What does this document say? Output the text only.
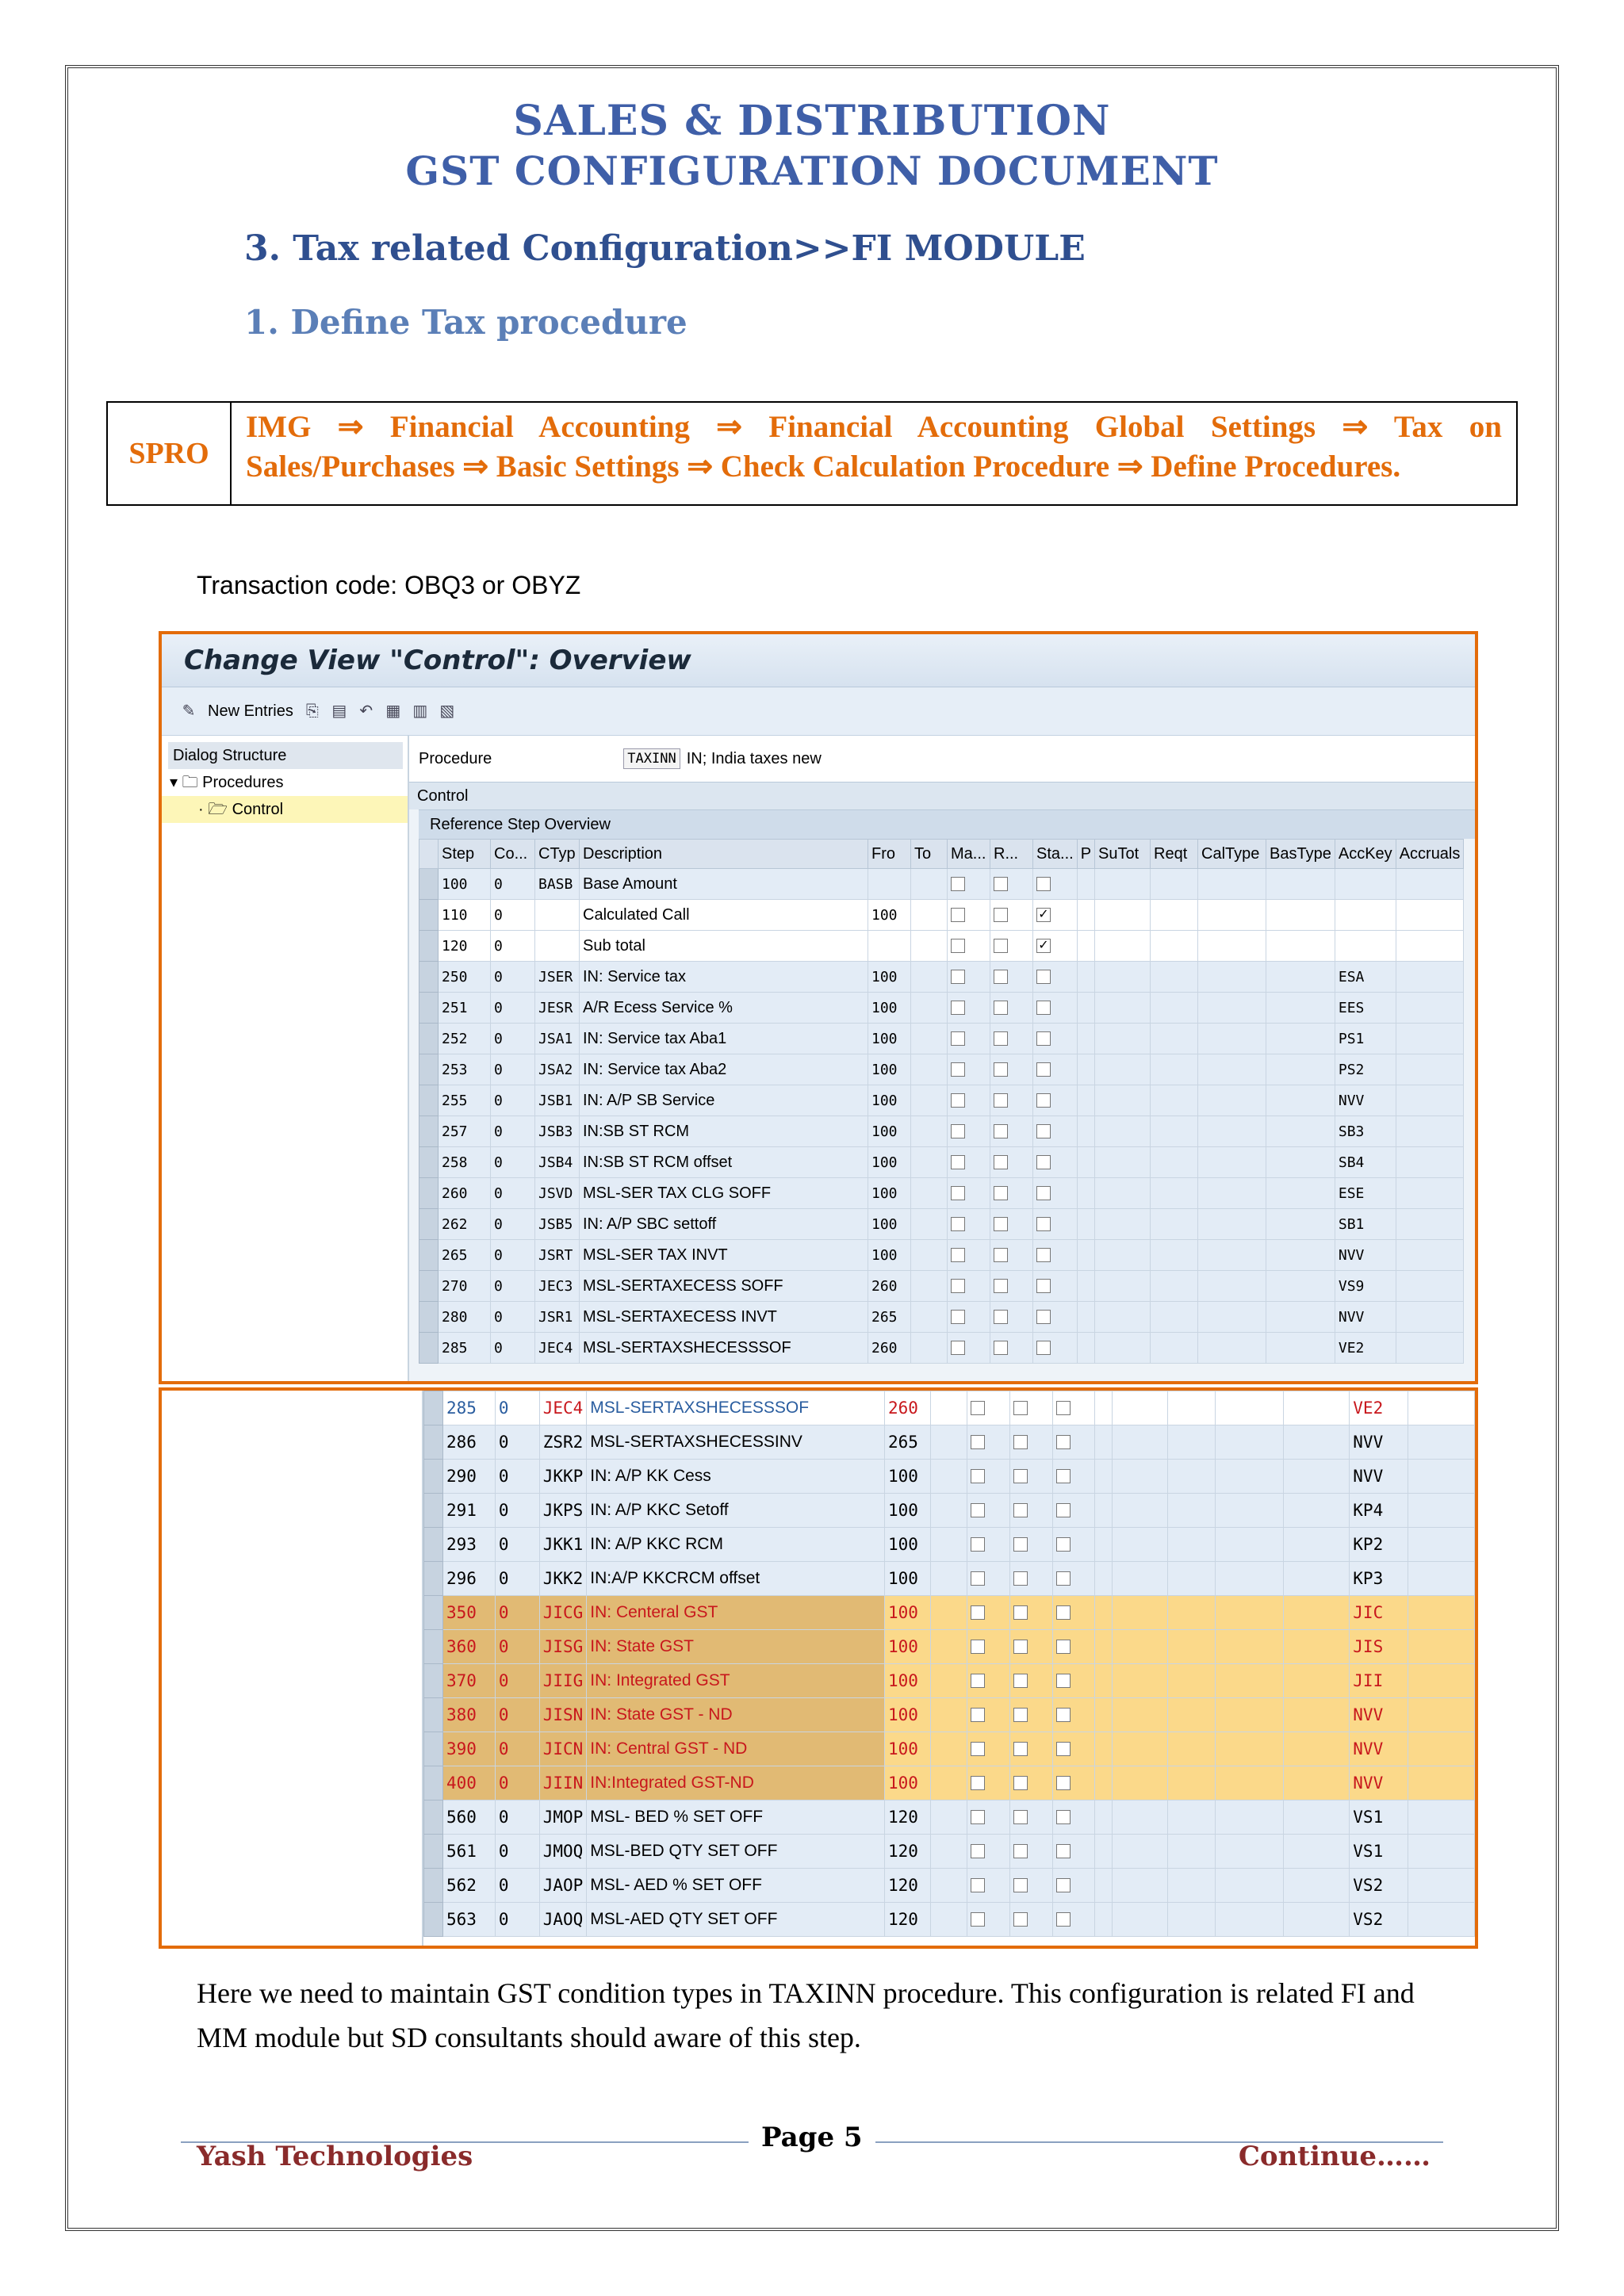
SALES & DISTRIBUTION
GST CONFIGURATION DOCUMENT
3. Tax related Configuration>>FI MODULE
1. Define Tax procedure
SPRO
IMG ⇒ Financial Accounting ⇒ Financial Accounting Global Settings ⇒ Tax on Sales/Purchases ⇒ Basic Settings ⇒ Check Calculation Procedure ⇒ Define Procedures.
Transaction code: OBQ3 or OBYZ
Change View "Control": Overview
✎ New Entries ⎘ ▤ ↶ ▦ ▥ ▧
Dialog Structure
▾ 🗀 Procedures
· 🗁 Control
Procedure	TAXINN IN; India taxes new
Control
Reference Step Overview
	Step	Co...	CTyp	Description	Fro	To	Ma...	R...	Sta...	P	SuTot	Reqt	CalType	BasType	AccKey	Accruals
	100	0	BASB	Base Amount												
	110	0		Calculated Call	100				✓							
	120	0		Sub total					✓							
	250	0	JSER	IN: Service tax	100										ESA	
	251	0	JESR	A/R Ecess Service %	100										EES	
	252	0	JSA1	IN: Service tax Aba1	100										PS1	
	253	0	JSA2	IN: Service tax Aba2	100										PS2	
	255	0	JSB1	IN: A/P SB Service	100										NVV	
	257	0	JSB3	IN:SB ST RCM	100										SB3	
	258	0	JSB4	IN:SB ST RCM offset	100										SB4	
	260	0	JSVD	MSL-SER TAX CLG SOFF	100										ESE	
	262	0	JSB5	IN: A/P SBC settoff	100										SB1	
	265	0	JSRT	MSL-SER TAX INVT	100										NVV	
	270	0	JEC3	MSL-SERTAXECESS SOFF	260										VS9	
	280	0	JSR1	MSL-SERTAXECESS INVT	265										NVV	
	285	0	JEC4	MSL-SERTAXSHECESSSOF	260										VE2	
	285	0	JEC4	MSL-SERTAXSHECESSSOF	260										VE2	
	286	0	ZSR2	MSL-SERTAXSHECESSINV	265										NVV	
	290	0	JKKP	IN: A/P KK Cess	100										NVV	
	291	0	JKPS	IN: A/P KKC Setoff	100										KP4	
	293	0	JKK1	IN: A/P KKC RCM	100										KP2	
	296	0	JKK2	IN:A/P KKCRCM offset	100										KP3	
	350	0	JICG	IN: Centeral GST	100										JIC	
	360	0	JISG	IN: State GST	100										JIS	
	370	0	JIIG	IN: Integrated GST	100										JII	
	380	0	JISN	IN: State GST - ND	100										NVV	
	390	0	JICN	IN: Central GST - ND	100										NVV	
	400	0	JIIN	IN:Integrated GST-ND	100										NVV	
	560	0	JMOP	MSL- BED % SET OFF	120										VS1	
	561	0	JMOQ	MSL-BED QTY SET OFF	120										VS1	
	562	0	JAOP	MSL- AED % SET OFF	120										VS2	
	563	0	JAOQ	MSL-AED QTY SET OFF	120										VS2	
Here we need to maintain GST condition types in TAXINN procedure. This configuration is related FI and MM module but SD consultants should aware of this step.
Page 5
Yash Technologies	Continue……
